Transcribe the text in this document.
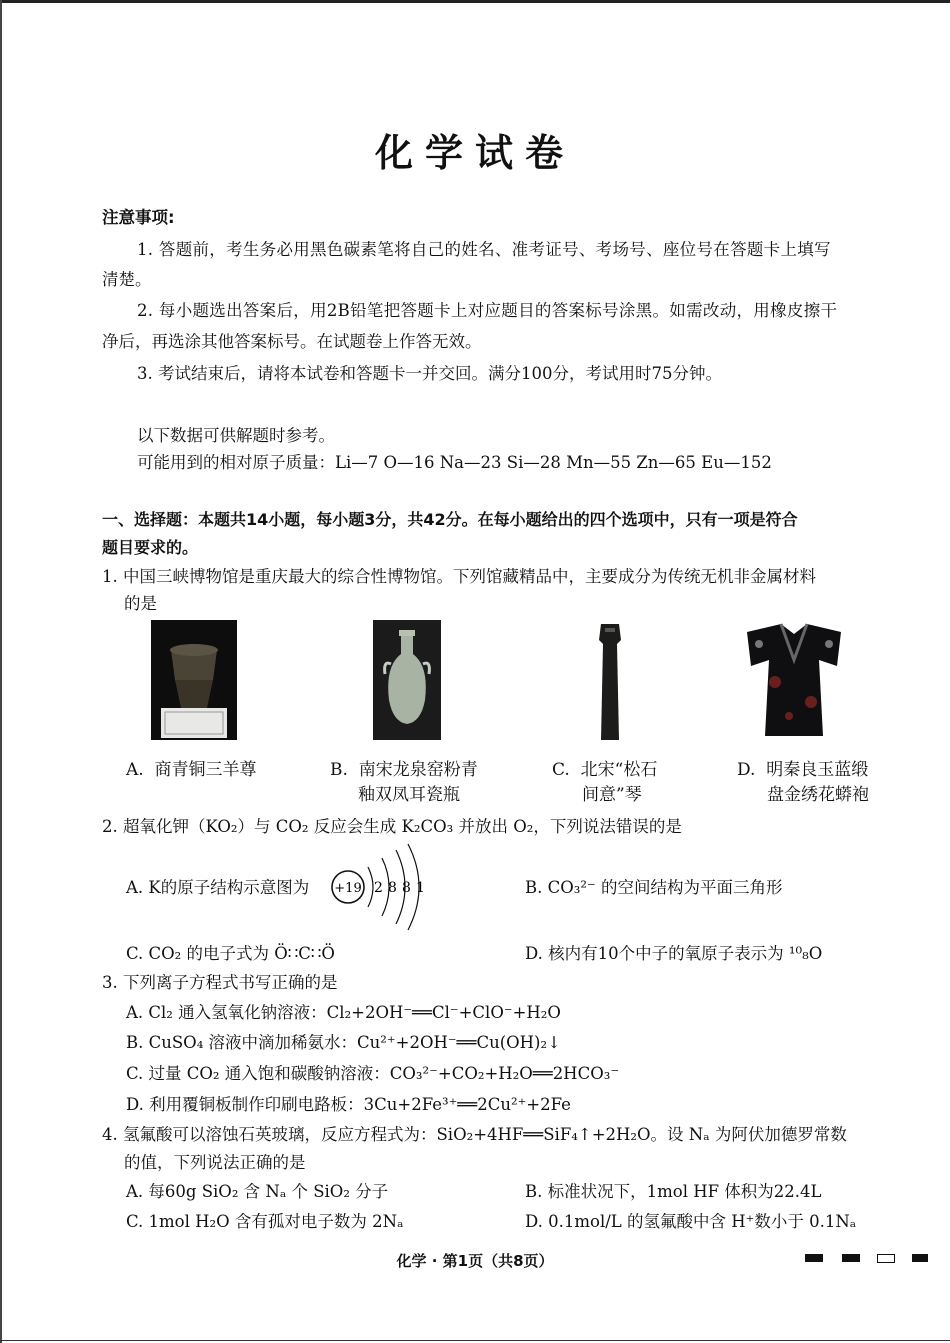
化学试卷
注意事项:
1. 答题前，考生务必用黑色碳素笔将自己的姓名、准考证号、考场号、座位号在答题卡上填写
清楚。
2. 每小题选出答案后，用2B铅笔把答题卡上对应题目的答案标号涂黑。如需改动，用橡皮擦干
净后，再选涂其他答案标号。在试题卷上作答无效。
3. 考试结束后，请将本试卷和答题卡一并交回。满分100分，考试用时75分钟。
以下数据可供解题时参考。
可能用到的相对原子质量：Li—7 O—16 Na—23 Si—28 Mn—55 Zn—65 Eu—152
一、选择题：本题共14小题，每小题3分，共42分。在每小题给出的四个选项中，只有一项是符合
题目要求的。
1. 中国三峡博物馆是重庆最大的综合性博物馆。下列馆藏精品中，主要成分为传统无机非金属材料
的是
A. 商青铜三羊尊	B. 南宋龙泉窑粉青
釉双凤耳瓷瓶
C. 北宋“松石
间意”琴
D. 明秦良玉蓝缎
盘金绣花蟒袍
2. 超氧化钾（KO₂）与 CO₂ 反应会生成 K₂CO₃ 并放出 O₂，下列说法错误的是
A. K的原子结构示意图为 +19 2 8 8 1	B. CO₃²⁻ 的空间结构为平面三角形
C. CO₂ 的电子式为 Ö∷C∷Ö	D. 核内有10个中子的氧原子表示为 ¹⁰₈O
3. 下列离子方程式书写正确的是
A. Cl₂ 通入氢氧化钠溶液：Cl₂+2OH⁻══Cl⁻+ClO⁻+H₂O
B. CuSO₄ 溶液中滴加稀氨水：Cu²⁺+2OH⁻══Cu(OH)₂↓
C. 过量 CO₂ 通入饱和碳酸钠溶液：CO₃²⁻+CO₂+H₂O══2HCO₃⁻
D. 利用覆铜板制作印刷电路板：3Cu+2Fe³⁺══2Cu²⁺+2Fe
4. 氢氟酸可以溶蚀石英玻璃，反应方程式为：SiO₂+4HF══SiF₄↑+2H₂O。设 Nₐ 为阿伏加德罗常数
的值，下列说法正确的是
A. 每60g SiO₂ 含 Nₐ 个 SiO₂ 分子	B. 标准状况下，1mol HF 体积为22.4L
C. 1mol H₂O 含有孤对电子数为 2Nₐ	D. 0.1mol/L 的氢氟酸中含 H⁺数小于 0.1Nₐ
化学 · 第1页（共8页）
